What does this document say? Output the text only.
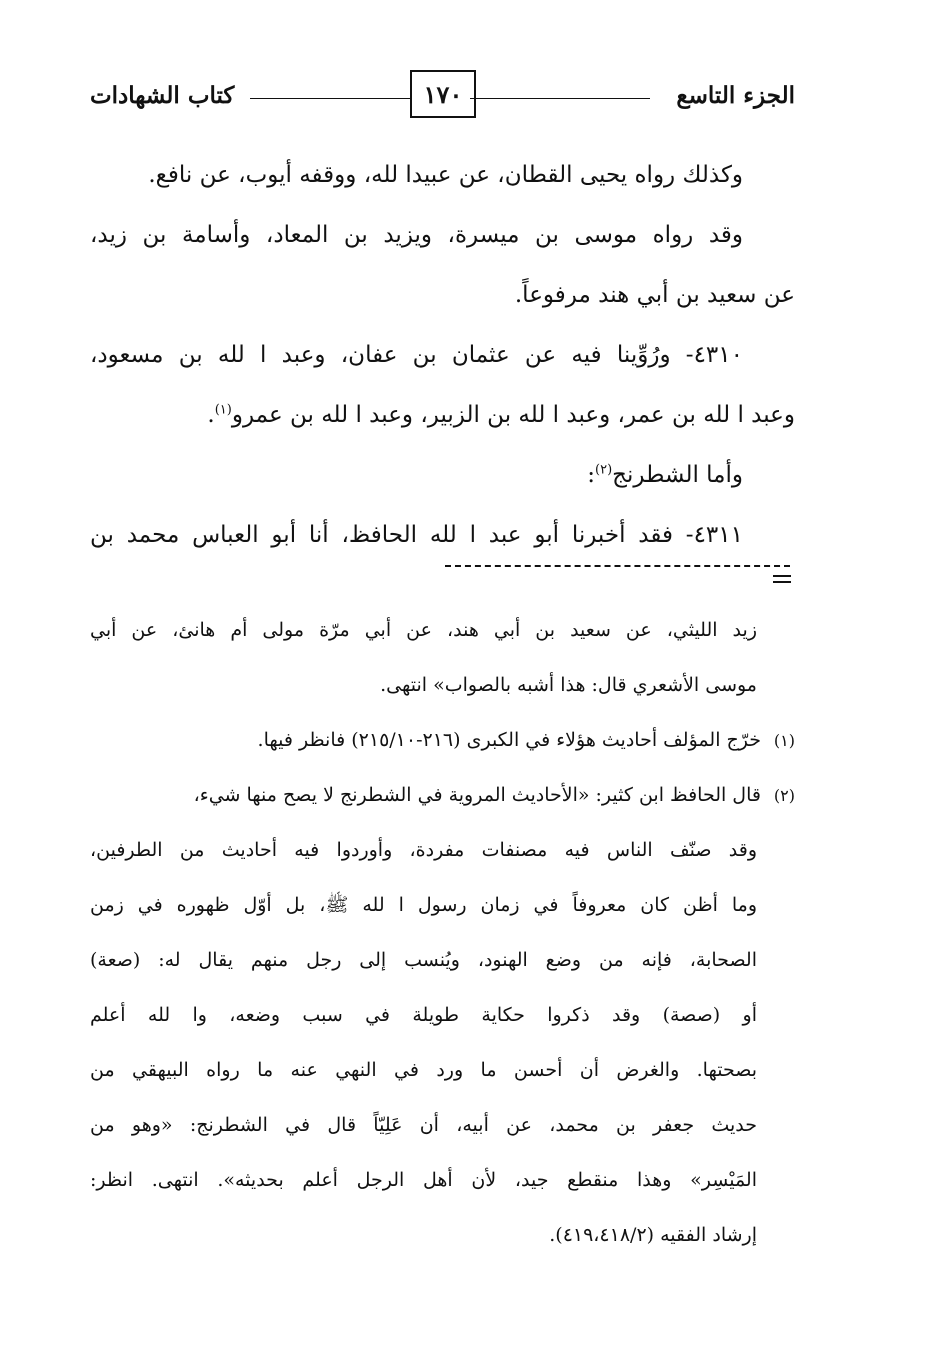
الجزء التاسع
١٧٠
كتاب الشهادات
وكذلك رواه يحيى القطان، عن عبيدا لله، ووقفه أيوب، عن نافع.
وقد رواه موسى بن ميسرة، ويزيد بن المعاد، وأسامة بن زيد،
عن سعيد بن أبي هند مرفوعاً.
٤٣١٠- ورُوِّينا فيه عن عثمان بن عفان، وعبد ا لله بن مسعود،
وعبد ا لله بن عمر، وعبد ا لله بن الزبير، وعبد ا لله بن عمرو$^{(١)}$.
وأما الشطرنج$^{(٢)}$:
٤٣١١- فقد أخبرنا أبو عبد ا لله الحافظ، أنا أبو العباس محمد بن
زيد الليثي، عن سعيد بن أبي هند، عن أبي مرّة مولى أم هانئ، عن أبي
موسى الأشعري قال: هذا أشبه بالصواب» انتهى.
(١)خرّج المؤلف أحاديث هؤلاء في الكبرى (٢١٦-٢١٥/١٠) فانظر فيها.
(٢)قال الحافظ ابن كثير: «الأحاديث المروية في الشطرنج لا يصح منها شيء،
وقد صنّف الناس فيه مصنفات مفردة، وأوردوا فيه أحاديث من الطرفين،
وما أظن كان معروفاً في زمان رسول ا لله ﷺ، بل أوّل ظهوره في زمن
الصحابة، فإنه من وضع الهنود، ويُنسب إلى رجل منهم يقال له: (صعة)
أو (صصة) وقد ذكروا حكاية طويلة في سبب وضعه، وا لله أعلم
بصحتها. والغرض أن أحسن ما ورد في النهي عنه ما رواه البيهقي من
حديث جعفر بن محمد، عن أبيه، أن عَلِيّاً قال في الشطرنج: «وهو من
المَيْسِر» وهذا منقطع جيد، لأن أهل الرجل أعلم بحديثه». انتهى. انظر:
إرشاد الفقيه (٤١٩،٤١٨/٢).
